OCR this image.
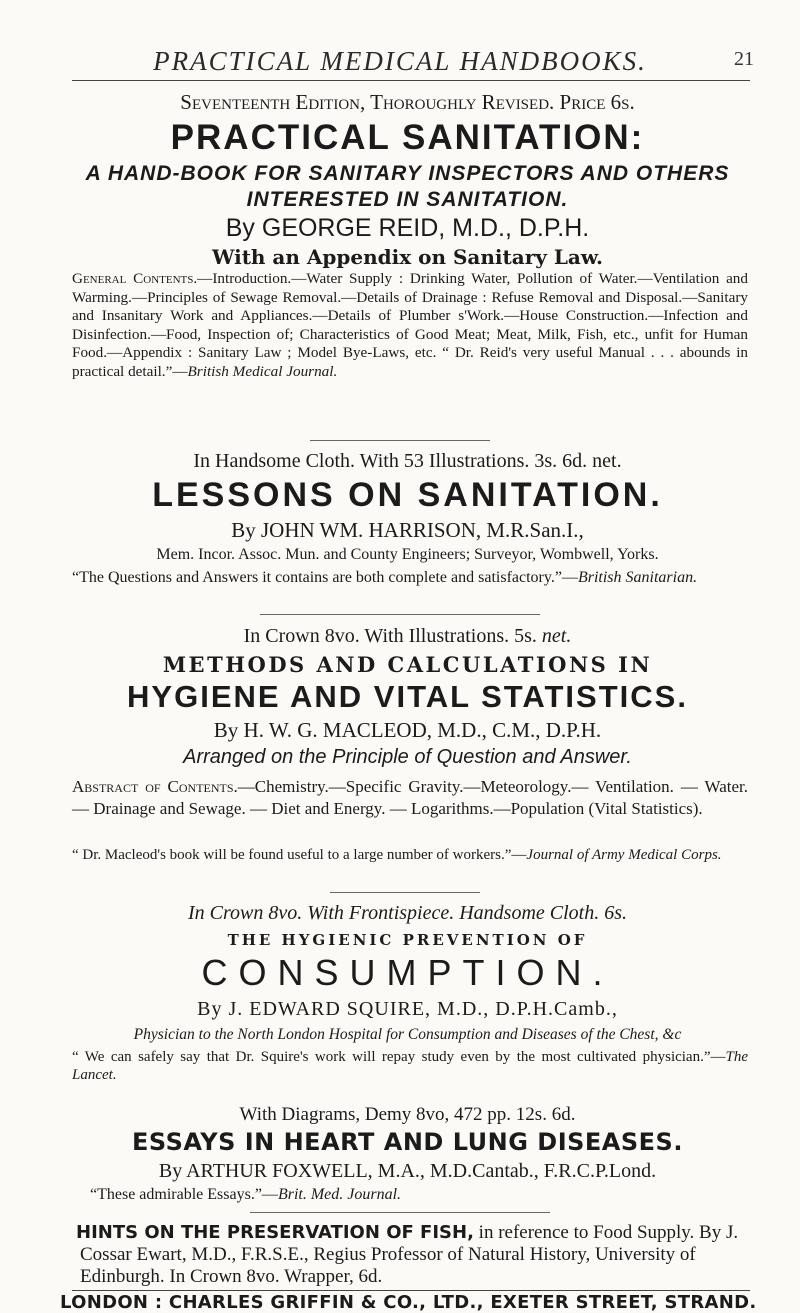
PRACTICAL MEDICAL HANDBOOKS.	21
Seventeenth Edition, Thoroughly Revised. Price 6s.
PRACTICAL SANITATION:
A HAND-BOOK FOR SANITARY INSPECTORS AND OTHERS
INTERESTED IN SANITATION.
By GEORGE REID, M.D., D.P.H.
With an Appendix on Sanitary Law.
General Contents.—Introduction.—Water Supply : Drinking Water, Pollution of Water.—Ventilation and Warming.—Principles of Sewage Removal.—Details of Drainage : Refuse Removal and Disposal.—Sanitary and Insanitary Work and Appliances.—Details of Plumber s'Work.—House Construction.—Infection and Disinfection.—Food, Inspection of; Characteristics of Good Meat; Meat, Milk, Fish, etc., unfit for Human Food.—Appendix : Sanitary Law ; Model Bye-Laws, etc. “ Dr. Reid's very useful Manual . . . abounds in practical detail.”—British Medical Journal.
In Handsome Cloth. With 53 Illustrations. 3s. 6d. net.
LESSONS ON SANITATION.
By JOHN WM. HARRISON, M.R.San.I.,
Mem. Incor. Assoc. Mun. and County Engineers; Surveyor, Wombwell, Yorks.
“The Questions and Answers it contains are both complete and satisfactory.”—British Sanitarian.
In Crown 8vo. With Illustrations. 5s. net.
METHODS AND CALCULATIONS IN
HYGIENE AND VITAL STATISTICS.
By H. W. G. MACLEOD, M.D., C.M., D.P.H.
Arranged on the Principle of Question and Answer.
Abstract of Contents.—Chemistry.—Specific Gravity.—Meteorology.— Ventilation. — Water. — Drainage and Sewage. — Diet and Energy. — Logarithms.—Population (Vital Statistics).
“ Dr. Macleod's book will be found useful to a large number of workers.”—Journal of Army Medical Corps.
In Crown 8vo. With Frontispiece. Handsome Cloth. 6s.
THE HYGIENIC PREVENTION OF
CONSUMPTION.
By J. EDWARD SQUIRE, M.D., D.P.H.Camb.,
Physician to the North London Hospital for Consumption and Diseases of the Chest, &c
“ We can safely say that Dr. Squire's work will repay study even by the most cultivated physician.”—The Lancet.
With Diagrams, Demy 8vo, 472 pp. 12s. 6d.
ESSAYS IN HEART AND LUNG DISEASES.
By ARTHUR FOXWELL, M.A., M.D.Cantab., F.R.C.P.Lond.
“These admirable Essays.”—Brit. Med. Journal.
HINTS ON THE PRESERVATION OF FISH, in reference to Food Supply. By J. Cossar Ewart, M.D., F.R.S.E., Regius Professor of Natural History, University of Edinburgh. In Crown 8vo. Wrapper, 6d.
LONDON : CHARLES GRIFFIN & CO., LTD., EXETER STREET, STRAND.
